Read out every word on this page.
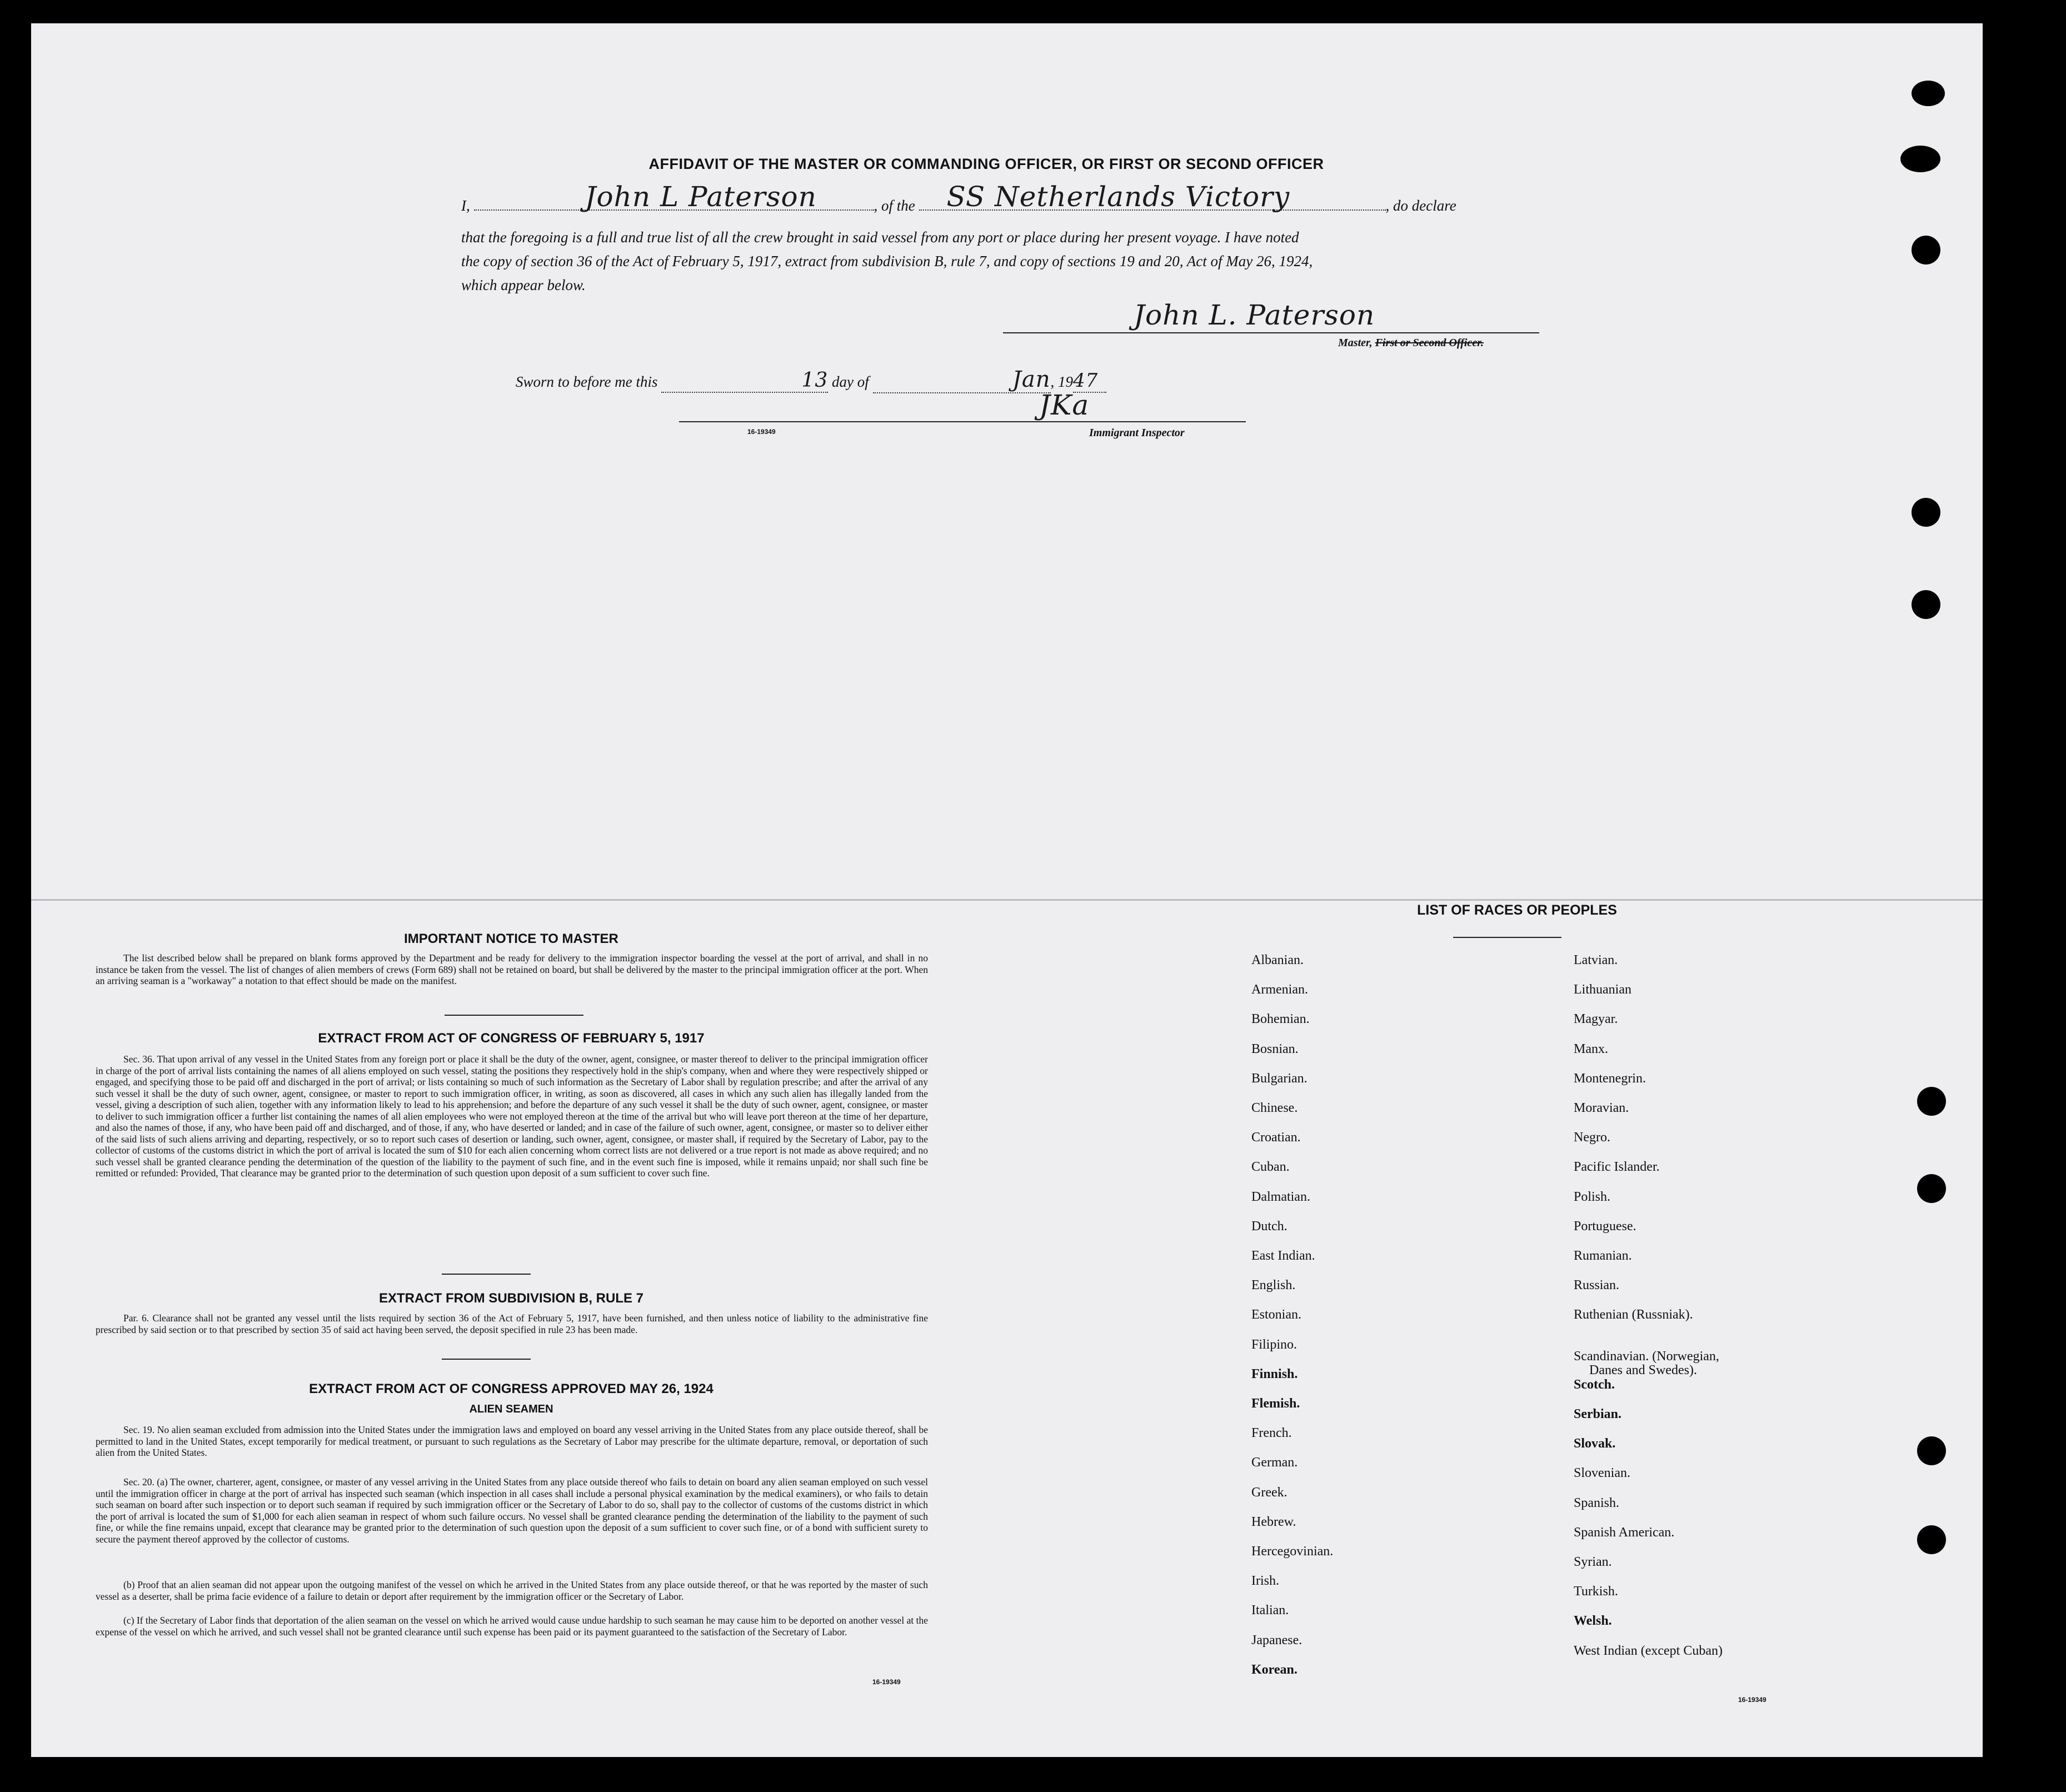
AFFIDAVIT OF THE MASTER OR COMMANDING OFFICER, OR FIRST OR SECOND OFFICER
I,	John L Paterson	, of the SS Netherlands Victory	, do declare
that the foregoing is a full and true list of all the crew brought in said vessel from any port or place during her present voyage. I have noted
the copy of section 36 of the Act of February 5, 1917, extract from subdivision B, rule 7, and copy of sections 19 and 20, Act of May 26, 1924,
which appear below.
John L. Paterson
Master, First or Second Officer.
Sworn to before me this	13 day of	Jan, 1947
JKa
16-19349	Immigrant Inspector
IMPORTANT NOTICE TO MASTER
The list described below shall be prepared on blank forms approved by the Department and be ready for delivery to the immigration inspector boarding the vessel at the port of arrival, and shall in no instance be taken from the vessel. The list of changes of alien members of crews (Form 689) shall not be retained on board, but shall be delivered by the master to the principal immigration officer at the port. When an arriving seaman is a "workaway" a notation to that effect should be made on the manifest.
EXTRACT FROM ACT OF CONGRESS OF FEBRUARY 5, 1917
Sec. 36. That upon arrival of any vessel in the United States from any foreign port or place it shall be the duty of the owner, agent, consignee, or master thereof to deliver to the principal immigration officer in charge of the port of arrival lists containing the names of all aliens employed on such vessel, stating the positions they respectively hold in the ship's company, when and where they were respectively shipped or engaged, and specifying those to be paid off and discharged in the port of arrival; or lists containing so much of such information as the Secretary of Labor shall by regulation prescribe; and after the arrival of any such vessel it shall be the duty of such owner, agent, consignee, or master to report to such immigration officer, in writing, as soon as discovered, all cases in which any such alien has illegally landed from the vessel, giving a description of such alien, together with any information likely to lead to his apprehension; and before the departure of any such vessel it shall be the duty of such owner, agent, consignee, or master to deliver to such immigration officer a further list containing the names of all alien employees who were not employed thereon at the time of the arrival but who will leave port thereon at the time of her departure, and also the names of those, if any, who have been paid off and discharged, and of those, if any, who have deserted or landed; and in case of the failure of such owner, agent, consignee, or master so to deliver either of the said lists of such aliens arriving and departing, respectively, or so to report such cases of desertion or landing, such owner, agent, consignee, or master shall, if required by the Secretary of Labor, pay to the collector of customs of the customs district in which the port of arrival is located the sum of $10 for each alien concerning whom correct lists are not delivered or a true report is not made as above required; and no such vessel shall be granted clearance pending the determination of the question of the liability to the payment of such fine, and in the event such fine is imposed, while it remains unpaid; nor shall such fine be remitted or refunded: Provided, That clearance may be granted prior to the determination of such question upon deposit of a sum sufficient to cover such fine.
EXTRACT FROM SUBDIVISION B, RULE 7
Par. 6. Clearance shall not be granted any vessel until the lists required by section 36 of the Act of February 5, 1917, have been furnished, and then unless notice of liability to the administrative fine prescribed by said section or to that prescribed by section 35 of said act having been served, the deposit specified in rule 23 has been made.
EXTRACT FROM ACT OF CONGRESS APPROVED MAY 26, 1924
ALIEN SEAMEN
Sec. 19. No alien seaman excluded from admission into the United States under the immigration laws and employed on board any vessel arriving in the United States from any place outside thereof, shall be permitted to land in the United States, except temporarily for medical treatment, or pursuant to such regulations as the Secretary of Labor may prescribe for the ultimate departure, removal, or deportation of such alien from the United States.
Sec. 20. (a) The owner, charterer, agent, consignee, or master of any vessel arriving in the United States from any place outside thereof who fails to detain on board any alien seaman employed on such vessel until the immigration officer in charge at the port of arrival has inspected such seaman (which inspection in all cases shall include a personal physical examination by the medical examiners), or who fails to detain such seaman on board after such inspection or to deport such seaman if required by such immigration officer or the Secretary of Labor to do so, shall pay to the collector of customs of the customs district in which the port of arrival is located the sum of $1,000 for each alien seaman in respect of whom such failure occurs. No vessel shall be granted clearance pending the determination of the liability to the payment of such fine, or while the fine remains unpaid, except that clearance may be granted prior to the determination of such question upon the deposit of a sum sufficient to cover such fine, or of a bond with sufficient surety to secure the payment thereof approved by the collector of customs.
(b) Proof that an alien seaman did not appear upon the outgoing manifest of the vessel on which he arrived in the United States from any place outside thereof, or that he was reported by the master of such vessel as a deserter, shall be prima facie evidence of a failure to detain or deport after requirement by the immigration officer or the Secretary of Labor.
(c) If the Secretary of Labor finds that deportation of the alien seaman on the vessel on which he arrived would cause undue hardship to such seaman he may cause him to be deported on another vessel at the expense of the vessel on which he arrived, and such vessel shall not be granted clearance until such expense has been paid or its payment guaranteed to the satisfaction of the Secretary of Labor.
16-19349
LIST OF RACES OR PEOPLES
Albanian.
Armenian.
Bohemian.
Bosnian.
Bulgarian.
Chinese.
Croatian.
Cuban.
Dalmatian.
Dutch.
East Indian.
English.
Estonian.
Filipino.
Finnish.
Flemish.
French.
German.
Greek.
Hebrew.
Hercegovinian.
Irish.
Italian.
Japanese.
Korean.
Latvian.
Lithuanian
Magyar.
Manx.
Montenegrin.
Moravian.
Negro.
Pacific Islander.
Polish.
Portuguese.
Rumanian.
Russian.
Ruthenian (Russniak).
Scandinavian. (Norwegian,
Danes and Swedes).
Scotch.
Serbian.
Slovak.
Slovenian.
Spanish.
Spanish American.
Syrian.
Turkish.
Welsh.
West Indian (except Cuban)
16-19349
